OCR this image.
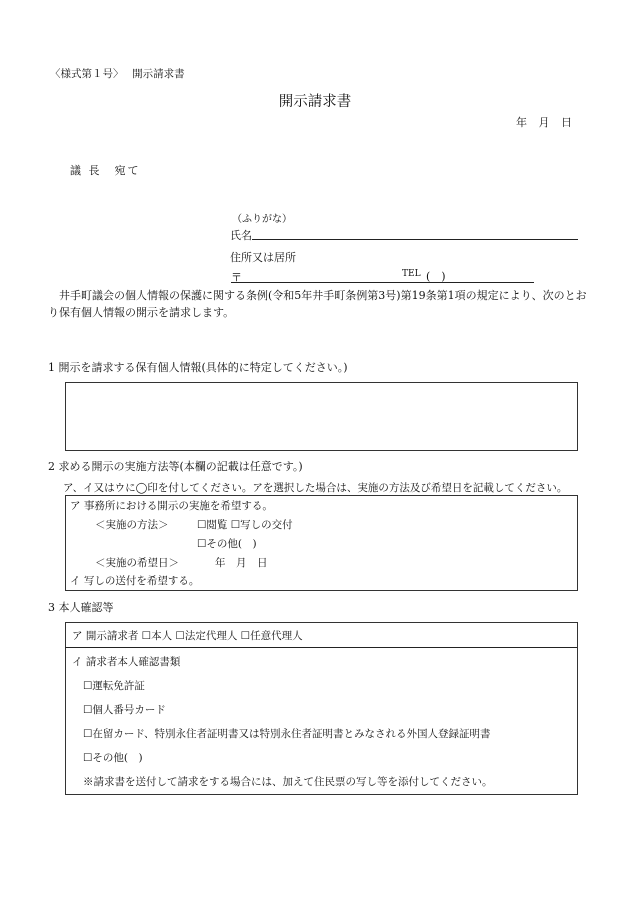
〈様式第１号〉　 開示請求書
開示請求書
年 月 日
議 長　宛て
（ふりがな）
氏名
住所又は居所
〒	TEL (　)
　井手町議会の個人情報の保護に関する条例(令和5年井手町条例第3号)第19条第1項の規定により、次のとおり保有個人情報の開示を請求します。
1 開示を請求する保有個人情報(具体的に特定してください。)
2 求める開示の実施方法等(本欄の記載は任意です。)
ア、イ又はウに◯印を付してください。アを選択した場合は、実施の方法及び希望日を記載してください。
ア 事務所における開示の実施を希望する。
＜実施の方法＞	☐閲覧 ☐写しの交付
☐その他(　)
＜実施の希望日＞	年　月　日
イ 写しの送付を希望する。
3 本人確認等
ア 開示請求者 ☐本人 ☐法定代理人 ☐任意代理人
イ 請求者本人確認書類
☐運転免許証
☐個人番号カード
☐在留カード、特別永住者証明書又は特別永住者証明書とみなされる外国人登録証明書
☐その他(　)
※請求書を送付して請求をする場合には、加えて住民票の写し等を添付してください。
